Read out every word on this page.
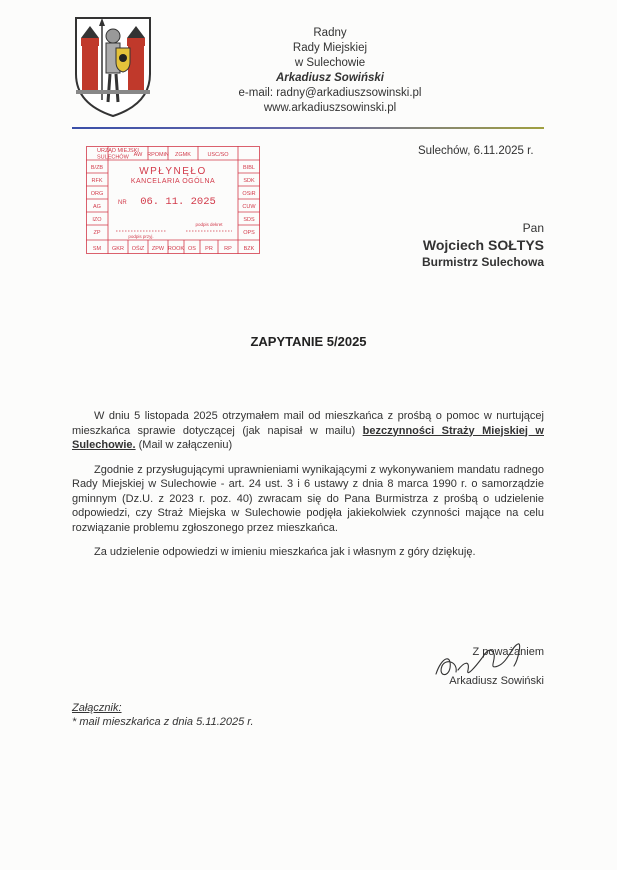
Radny
Rady Miejskiej
w Sulechowie
Arkadiusz Sowiński
e-mail: radny@arkadiuszsowinski.pl
www.arkadiuszsowinski.pl
Sulechów, 6.11.2025 r.
URZĄD MIEJSKI
SULECHÓW
WPŁYNĘŁO
KANCELARIA OGÓLNA
NR 06. 11. 2025
podpis przyj.
podpis dekret
AW RPOMiN ZGMK	USC/SO
B/ZB
RFK
ORG
AG
IZO
ZP
SM
BIBL
SDK
OSiR
CUW
SDS
OPS
BZK
GKR OŚiZ ZPW ROOK OS PR RP
Pan
Wojciech SOŁTYS
Burmistrz Sulechowa
ZAPYTANIE 5/2025

W dniu 5 listopada 2025 otrzymałem mail od mieszkańca z prośbą o pomoc w nurtującej mieszkańca sprawie dotyczącej (jak napisał w mailu) bezczynności Straży Miejskiej w Sulechowie. (Mail w załączeniu)

Zgodnie z przysługującymi uprawnieniami wynikającymi z wykonywaniem mandatu radnego Rady Miejskiej w Sulechowie - art. 24 ust. 3 i 6 ustawy z dnia 8 marca 1990 r. o samorządzie gminnym (Dz.U. z 2023 r. poz. 40) zwracam się do Pana Burmistrza z prośbą o udzielenie odpowiedzi, czy Straż Miejska w Sulechowie podjęła jakiekolwiek czynności mające na celu rozwiązanie problemu zgłoszonego przez mieszkańca.

Za udzielenie odpowiedzi w imieniu mieszkańca jak i własnym z góry dziękuję.

Z poważaniem
Arkadiusz Sowiński
Załącznik:
* mail mieszkańca z dnia 5.11.2025 r.
